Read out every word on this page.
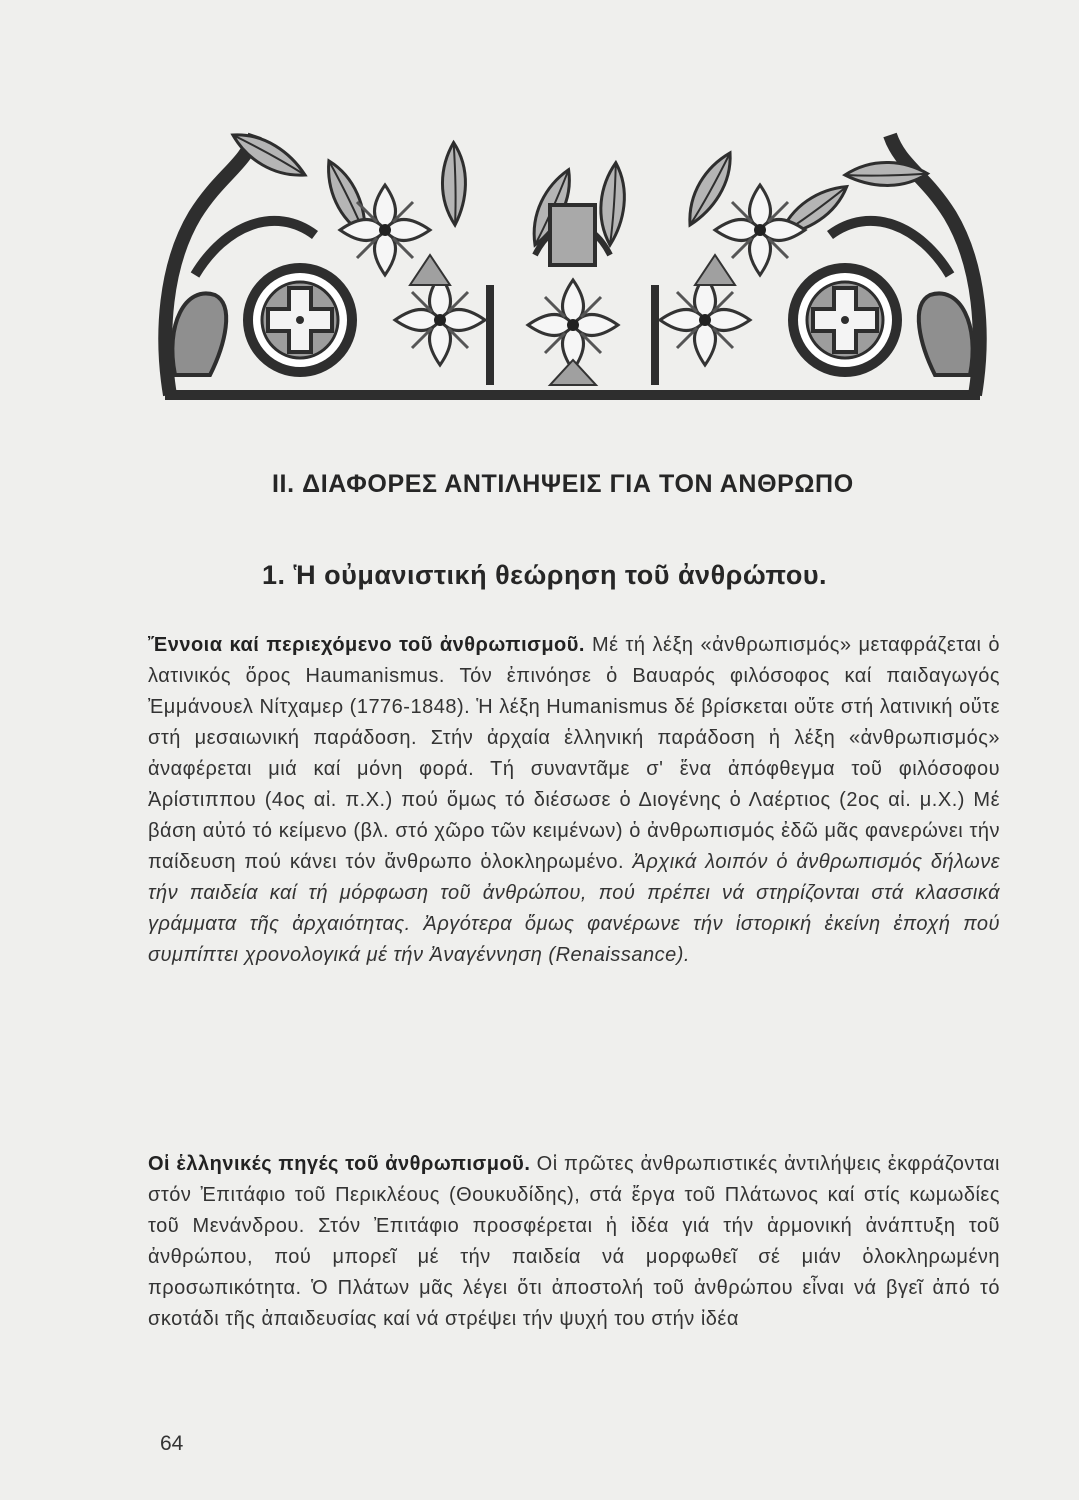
II. ΔΙΑΦΟΡΕΣ ΑΝΤΙΛΗΨΕΙΣ ΓΙΑ ΤΟΝ ΑΝΘΡΩΠΟ
1. Ἡ οὐμανιστική θεώρηση τοῦ ἀνθρώπου.
Ἔννοια καί περιεχόμενο τοῦ ἀνθρωπισμοῦ. Μέ τή λέξη «ἀνθρωπισμός» μεταφράζεται ὁ λατινικός ὅρος Haumanismus. Τόν ἐπινόησε ὁ Βαυαρός φιλόσοφος καί παιδαγωγός Ἐμμάνουελ Νίτχαμερ (1776-1848). Ἡ λέξη Humanismus δέ βρίσκεται οὔτε στή λατινική οὔτε στή μεσαιωνική παράδοση. Στήν ἀρχαία ἑλληνική παράδοση ἡ λέξη «ἀνθρωπισμός» ἀναφέρεται μιά καί μόνη φορά. Τή συναντᾶμε σ' ἕνα ἀπόφθεγμα τοῦ φιλόσοφου Ἀρίστιππου (4ος αἰ. π.Χ.) πού ὅμως τό διέσωσε ὁ Διογένης ὁ Λαέρτιος (2ος αἰ. μ.Χ.) Μέ βάση αὐτό τό κείμενο (βλ. στό χῶρο τῶν κειμένων) ὁ ἀνθρωπισμός ἐδῶ μᾶς φανερώνει τήν παίδευση πού κάνει τόν ἄνθρωπο ὁλοκληρωμένο. Ἀρχικά λοιπόν ὁ ἀνθρωπισμός δήλωνε τήν παιδεία καί τή μόρφωση τοῦ ἀνθρώπου, πού πρέπει νά στηρίζονται στά κλασσικά γράμματα τῆς ἀρχαιότητας. Ἀργότερα ὅμως φανέρωνε τήν ἱστορική ἐκείνη ἐποχή πού συμπίπτει χρονολογικά μέ τήν Ἀναγέννηση (Renaissance).
Οἱ ἑλληνικές πηγές τοῦ ἀνθρωπισμοῦ. Οἱ πρῶτες ἀνθρωπιστικές ἀντιλήψεις ἐκφράζονται στόν Ἐπιτάφιο τοῦ Περικλέους (Θουκυδίδης), στά ἔργα τοῦ Πλάτωνος καί στίς κωμωδίες τοῦ Μενάνδρου. Στόν Ἐπιτάφιο προσφέρεται ἡ ἰδέα γιά τήν ἁρμονική ἀνάπτυξη τοῦ ἀνθρώπου, πού μπορεῖ μέ τήν παιδεία νά μορφωθεῖ σέ μιάν ὁλοκληρωμένη προσωπικότητα. Ὁ Πλάτων μᾶς λέγει ὅτι ἀποστολή τοῦ ἀνθρώπου εἶναι νά βγεῖ ἀπό τό σκοτάδι τῆς ἀπαιδευσίας καί νά στρέψει τήν ψυχή του στήν ἰδέα
64
